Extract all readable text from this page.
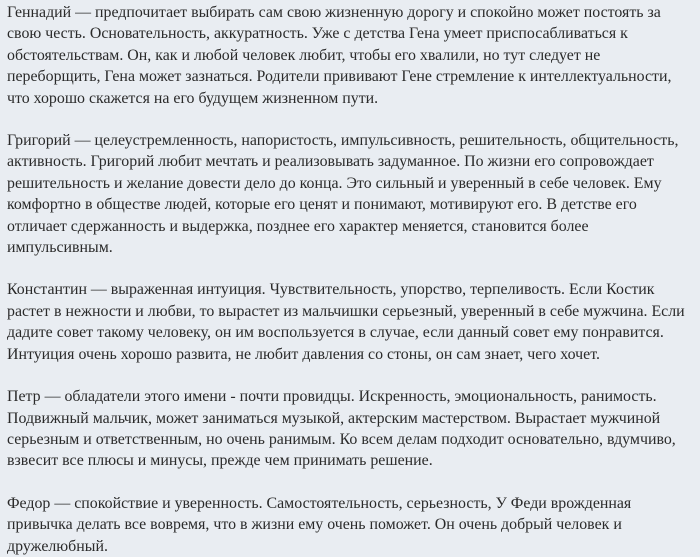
Геннадий — предпочитает выбирать сам свою жизненную дорогу и спокойно может постоять за свою честь. Основательность, аккуратность. Уже с детства Гена умеет приспосабливаться к обстоятельствам. Он, как и любой человек любит, чтобы его хвалили, но тут следует не переборщить, Гена может зазнаться. Родители прививают Гене стремление к интеллектуальности, что хорошо скажется на его будущем жизненном пути.

Григорий — целеустремленность, напористость, импульсивность, решительность, общительность, активность. Григорий любит мечтать и реализовывать задуманное. По жизни его сопровождает решительность и желание довести дело до конца. Это сильный и уверенный в себе человек. Ему комфортно в обществе людей, которые его ценят и понимают, мотивируют его. В детстве его отличает сдержанность и выдержка, позднее его характер меняется, становится более импульсивным.

Константин — выраженная интуиция. Чувствительность, упорство, терпеливость. Если Костик растет в нежности и любви, то вырастет из мальчишки серьезный, уверенный в себе мужчина. Если дадите совет такому человеку, он им воспользуется в случае, если данный совет ему понравится. Интуиция очень хорошо развита, не любит давления со стоны, он сам знает, чего хочет.

Петр — обладатели этого имени - почти провидцы. Искренность, эмоциональность, ранимость. Подвижный мальчик, может заниматься музыкой, актерским мастерством. Вырастает мужчиной серьезным и ответственным, но очень ранимым. Ко всем делам подходит основательно, вдумчиво, взвесит все плюсы и минусы, прежде чем принимать решение.

Федор — спокойствие и уверенность. Самостоятельность, серьезность, У Феди врожденная привычка делать все вовремя, что в жизни ему очень поможет. Он очень добрый человек и дружелюбный.
